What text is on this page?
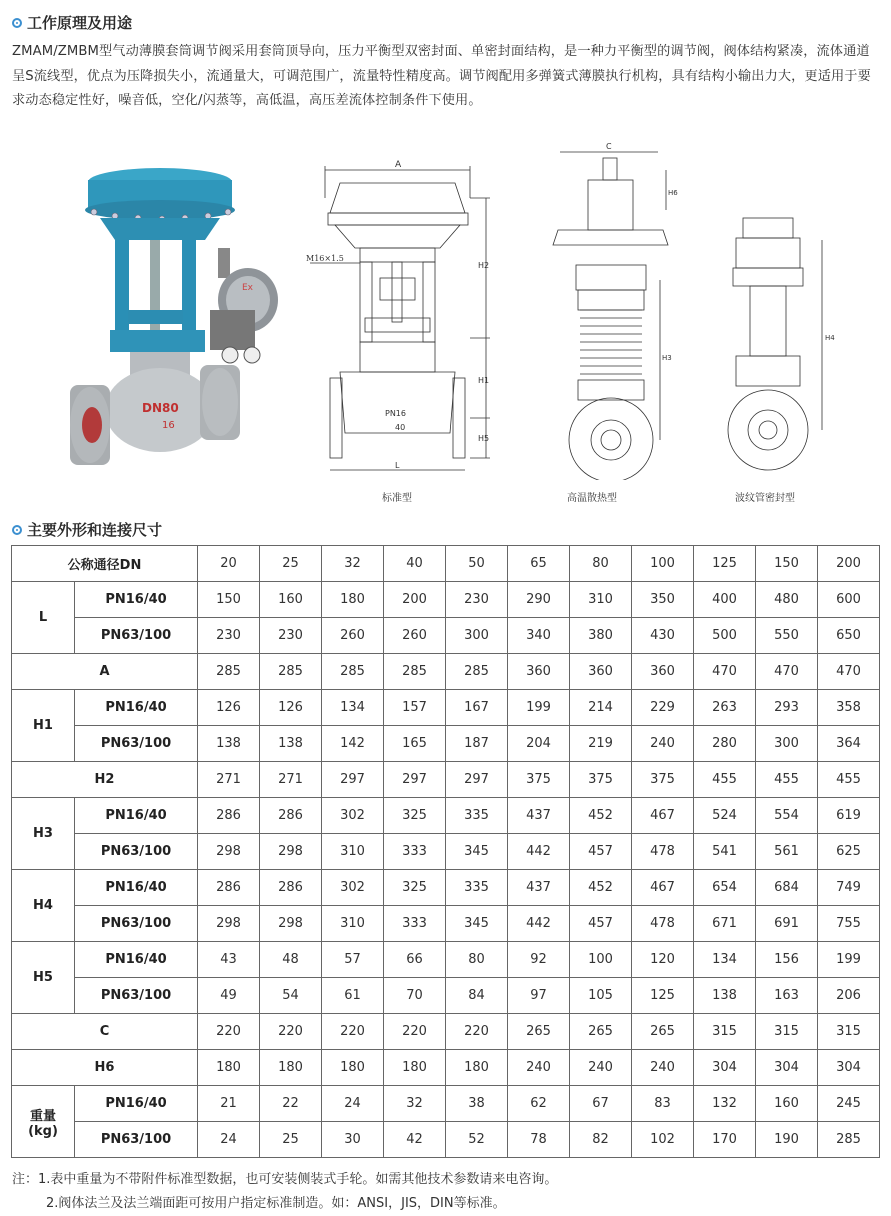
工作原理及用途
ZMAM/ZMBM型气动薄膜套筒调节阀采用套筒顶导向，压力平衡型双密封面、单密封面结构，是一种力平衡型的调节阀，阀体结构紧凑，流体通道呈S流线型，优点为压降损失小，流通量大，可调范围广，流量特性精度高。调节阀配用多弹簧式薄膜执行机构，具有结构小输出力大，更适用于要求动态稳定性好，噪音低，空化/闪蒸等，高低温，高压差流体控制条件下使用。
Ex
DN80
16
A
M16×1.5
PN16
40
H2
H1
H5
L
C
H6
H3
H4
标准型	高温散热型	波纹管密封型
主要外形和连接尺寸
公称通径DN		20	25	32	40	50	65	80	100	125	150	200
L	PN16/40	150	160	180	200	230	290	310	350	400	480	600
	PN63/100	230	230	260	260	300	340	380	430	500	550	650
A		285	285	285	285	285	360	360	360	470	470	470
H1	PN16/40	126	126	134	157	167	199	214	229	263	293	358
	PN63/100	138	138	142	165	187	204	219	240	280	300	364
H2		271	271	297	297	297	375	375	375	455	455	455
H3	PN16/40	286	286	302	325	335	437	452	467	524	554	619
	PN63/100	298	298	310	333	345	442	457	478	541	561	625
H4	PN16/40	286	286	302	325	335	437	452	467	654	684	749
	PN63/100	298	298	310	333	345	442	457	478	671	691	755
H5	PN16/40	43	48	57	66	80	92	100	120	134	156	199
	PN63/100	49	54	61	70	84	97	105	125	138	163	206
C		220	220	220	220	220	265	265	265	315	315	315
H6		180	180	180	180	180	240	240	240	304	304	304
重量
(kg)	PN16/40	21	22	24	32	38	62	67	83	132	160	245
	PN63/100	24	25	30	42	52	78	82	102	170	190	285
注：1.表中重量为不带附件标准型数据，也可安装侧装式手轮。如需其他技术参数请来电咨询。
2.阀体法兰及法兰端面距可按用户指定标准制造。如：ANSI，JIS，DIN等标准。
